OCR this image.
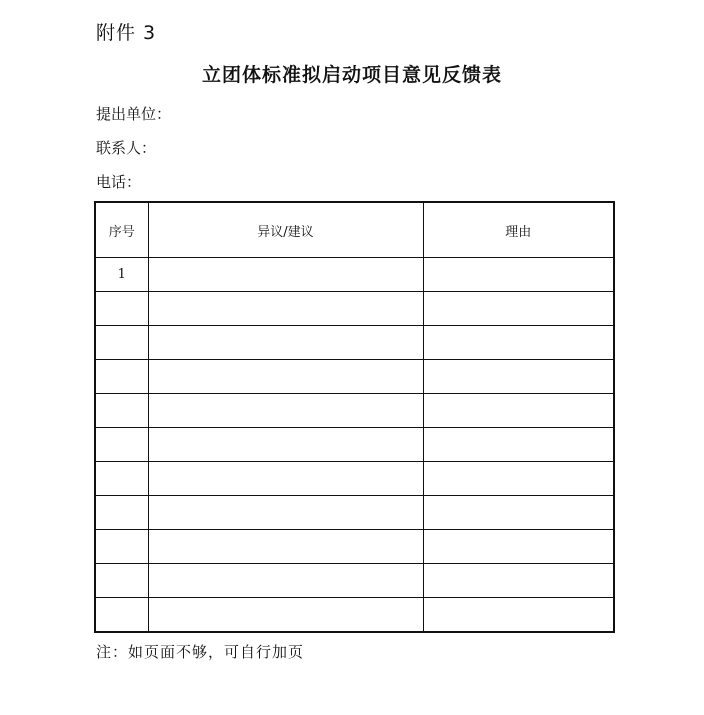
附件 3
立团体标准拟启动项目意见反馈表
提出单位：
联系人：
电话：
序号	异议/建议	理由
1		

注：如页面不够，可自行加页
